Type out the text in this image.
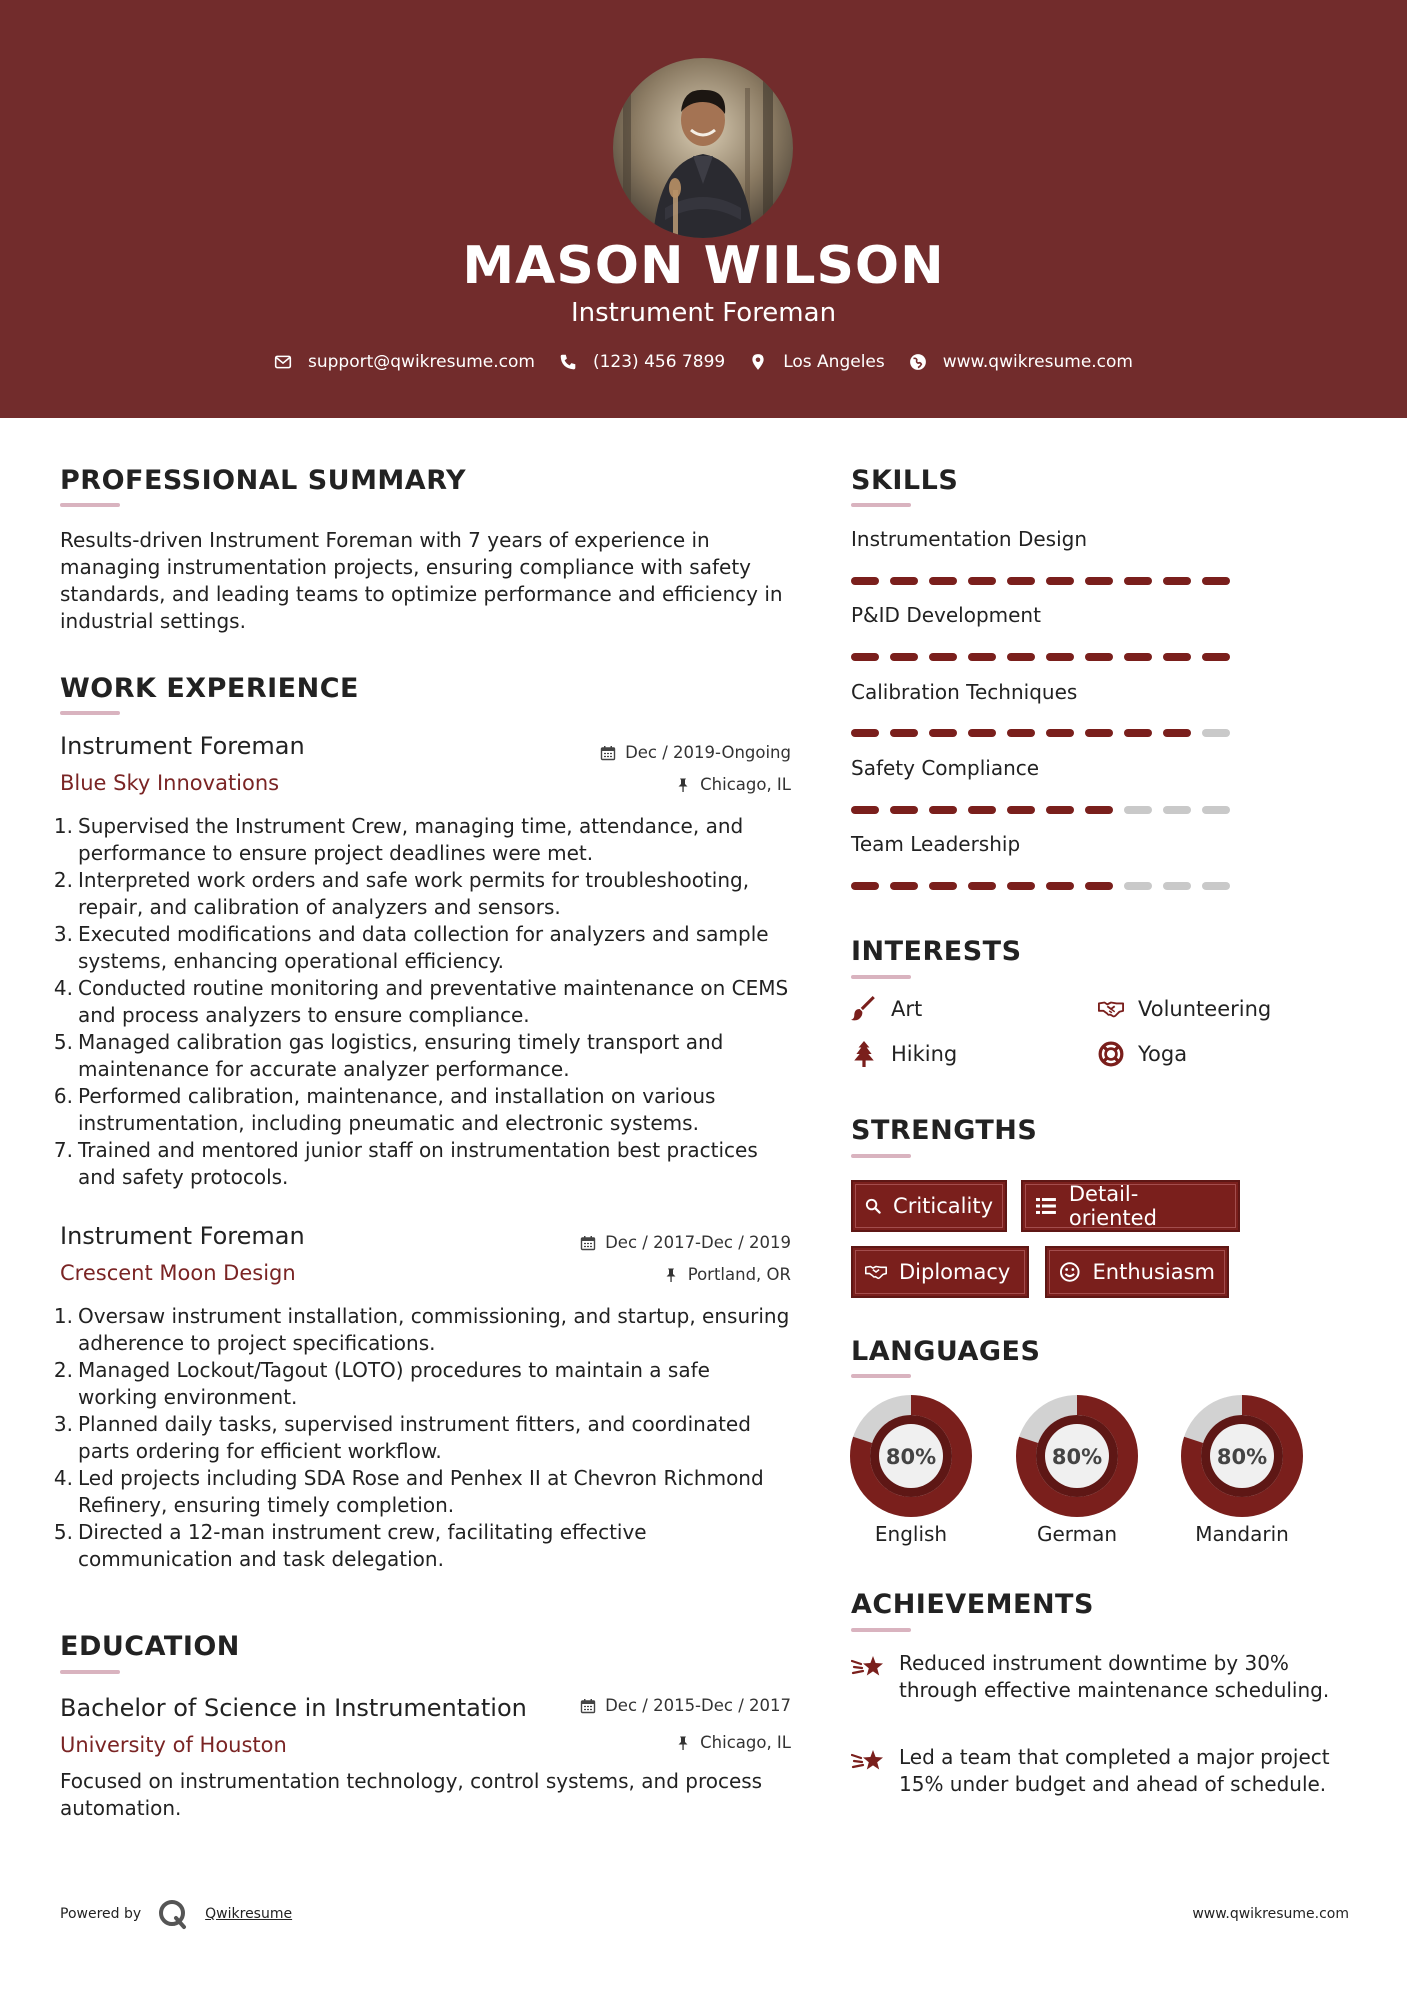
MASON WILSON
Instrument Foreman
support@qwikresume.com	(123) 456 7899	Los Angeles	www.qwikresume.com
PROFESSIONAL SUMMARY
Results-driven Instrument Foreman with 7 years of experience in managing instrumentation projects, ensuring compliance with safety standards, and leading teams to optimize performance and efficiency in industrial settings.
WORK EXPERIENCE
Instrument Foreman
Blue Sky Innovations
Dec / 2019-Ongoing
Chicago, IL
1. Supervised the Instrument Crew, managing time, attendance, and performance to ensure project deadlines were met.
2. Interpreted work orders and safe work permits for troubleshooting, repair, and calibration of analyzers and sensors.
3. Executed modifications and data collection for analyzers and sample systems, enhancing operational efficiency.
4. Conducted routine monitoring and preventative maintenance on CEMS and process analyzers to ensure compliance.
5. Managed calibration gas logistics, ensuring timely transport and maintenance for accurate analyzer performance.
6. Performed calibration, maintenance, and installation on various instrumentation, including pneumatic and electronic systems.
7. Trained and mentored junior staff on instrumentation best practices and safety protocols.
Instrument Foreman
Crescent Moon Design
Dec / 2017-Dec / 2019
Portland, OR
1. Oversaw instrument installation, commissioning, and startup, ensuring adherence to project specifications.
2. Managed Lockout/Tagout (LOTO) procedures to maintain a safe working environment.
3. Planned daily tasks, supervised instrument fitters, and coordinated parts ordering for efficient workflow.
4. Led projects including SDA Rose and Penhex II at Chevron Richmond Refinery, ensuring timely completion.
5. Directed a 12-man instrument crew, facilitating effective communication and task delegation.
EDUCATION
Bachelor of Science in Instrumentation
University of Houston
Dec / 2015-Dec / 2017
Chicago, IL
Focused on instrumentation technology, control systems, and process automation.
SKILLS
Instrumentation Design
P&ID Development
Calibration Techniques
Safety Compliance
Team Leadership
INTERESTS
Art	Volunteering
Hiking	Yoga
STRENGTHS
Criticality	Detail-oriented
Diplomacy	Enthusiasm
LANGUAGES
80%
English
80%
German
80%
Mandarin
ACHIEVEMENTS
Reduced instrument downtime by 30% through effective maintenance scheduling.
Led a team that completed a major project 15% under budget and ahead of schedule.
Powered by	Qwikresume	www.qwikresume.com
